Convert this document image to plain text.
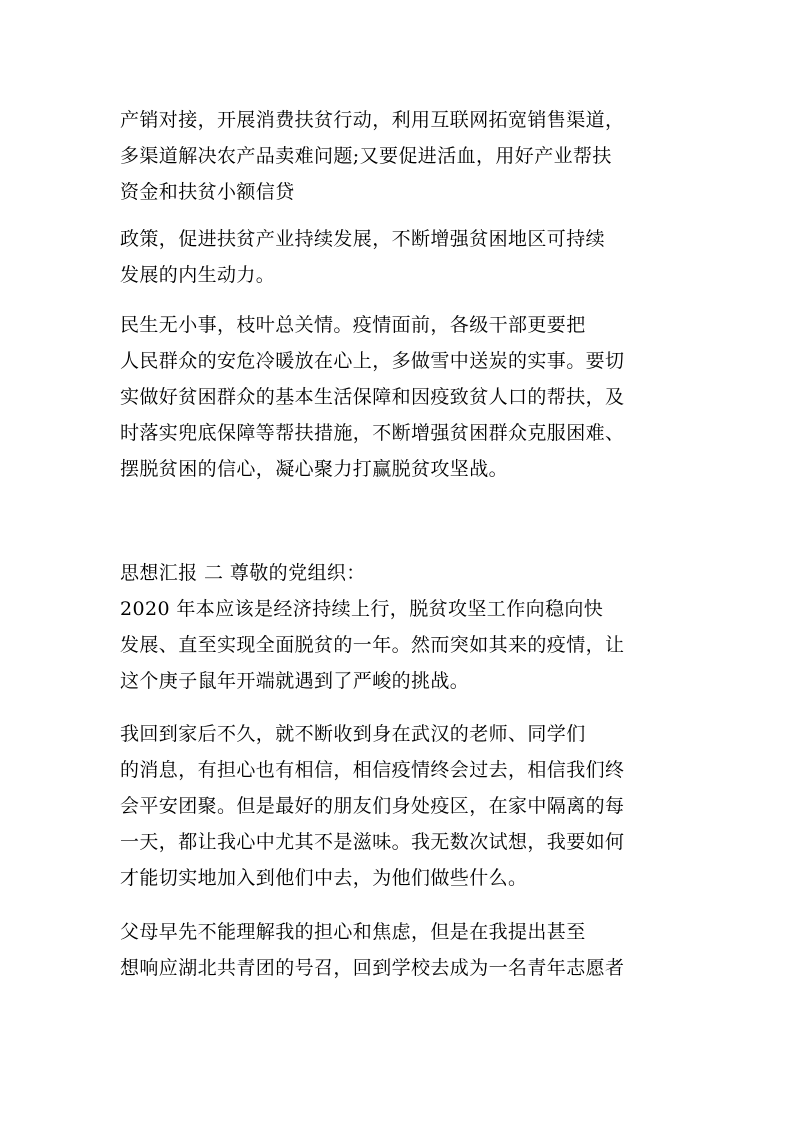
产销对接，开展消费扶贫行动，利用互联网拓宽销售渠道，
多渠道解决农产品卖难问题;又要促进活血，用好产业帮扶
资金和扶贫小额信贷
政策，促进扶贫产业持续发展，不断增强贫困地区可持续
发展的内生动力。
民生无小事，枝叶总关情。疫情面前，各级干部更要把
人民群众的安危冷暖放在心上，多做雪中送炭的实事。要切
实做好贫困群众的基本生活保障和因疫致贫人口的帮扶，及
时落实兜底保障等帮扶措施，不断增强贫困群众克服困难、
摆脱贫困的信心，凝心聚力打赢脱贫攻坚战。
思想汇报 二 尊敬的党组织：
2020 年本应该是经济持续上行，脱贫攻坚工作向稳向快
发展、直至实现全面脱贫的一年。然而突如其来的疫情，让
这个庚子鼠年开端就遇到了严峻的挑战。
我回到家后不久，就不断收到身在武汉的老师、同学们
的消息，有担心也有相信，相信疫情终会过去，相信我们终
会平安团聚。但是最好的朋友们身处疫区，在家中隔离的每
一天，都让我心中尤其不是滋味。我无数次试想，我要如何
才能切实地加入到他们中去，为他们做些什么。
父母早先不能理解我的担心和焦虑，但是在我提出甚至
想响应湖北共青团的号召，回到学校去成为一名青年志愿者
